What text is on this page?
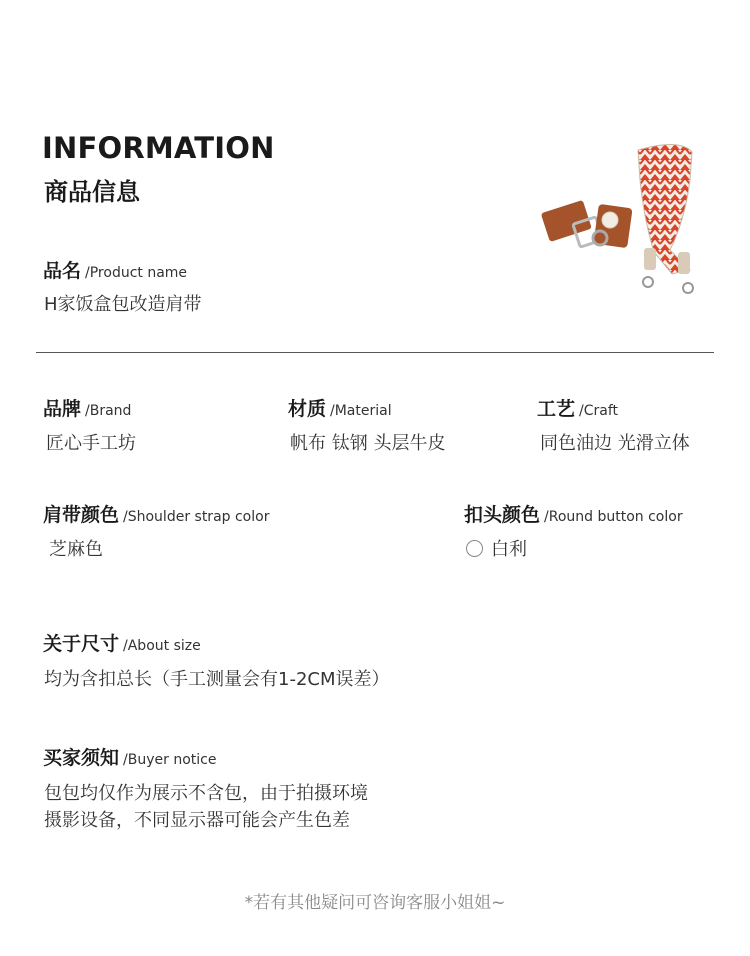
INFORMATION
商品信息
品名 /Product name
H家饭盒包改造肩带
品牌 /Brand
匠心手工坊
材质 /Material
帆布 钛钢 头层牛皮
工艺 /Craft
同色油边 光滑立体
肩带颜色 /Shoulder strap color
芝麻色
扣头颜色 /Round button color
白利
关于尺寸 /About size
均为含扣总长（手工测量会有1-2CM误差）
买家须知 /Buyer notice
包包均仅作为展示不含包，由于拍摄环境
摄影设备，不同显示器可能会产生色差
*若有其他疑问可咨询客服小姐姐~
